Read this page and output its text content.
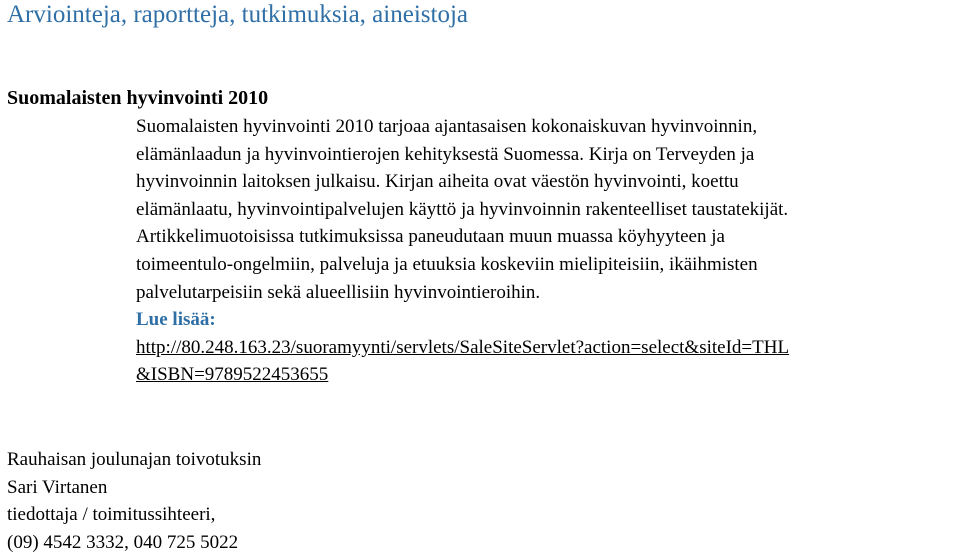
Arviointeja, raportteja, tutkimuksia, aineistoja
Suomalaisten hyvinvointi 2010
Suomalaisten hyvinvointi 2010 tarjoaa ajantasaisen kokonaiskuvan hyvinvoinnin,
elämänlaadun ja hyvinvointierojen kehityksestä Suomessa. Kirja on Terveyden ja
hyvinvoinnin laitoksen julkaisu. Kirjan aiheita ovat väestön hyvinvointi, koettu
elämänlaatu, hyvinvointipalvelujen käyttö ja hyvinvoinnin rakenteelliset taustatekijät.
Artikkelimuotoisissa tutkimuksissa paneudutaan muun muassa köyhyyteen ja
toimeentulo-ongelmiin, palveluja ja etuuksia koskeviin mielipiteisiin, ikäihmisten
palvelutarpeisiin sekä alueellisiin hyvinvointieroihin.
Lue lisää:
http://80.248.163.23/suoramyynti/servlets/SaleSiteServlet?action=select&siteId=THL
&ISBN=9789522453655
Rauhaisan joulunajan toivotuksin
Sari Virtanen
tiedottaja / toimitussihteeri,
(09) 4542 3332, 040 725 5022
